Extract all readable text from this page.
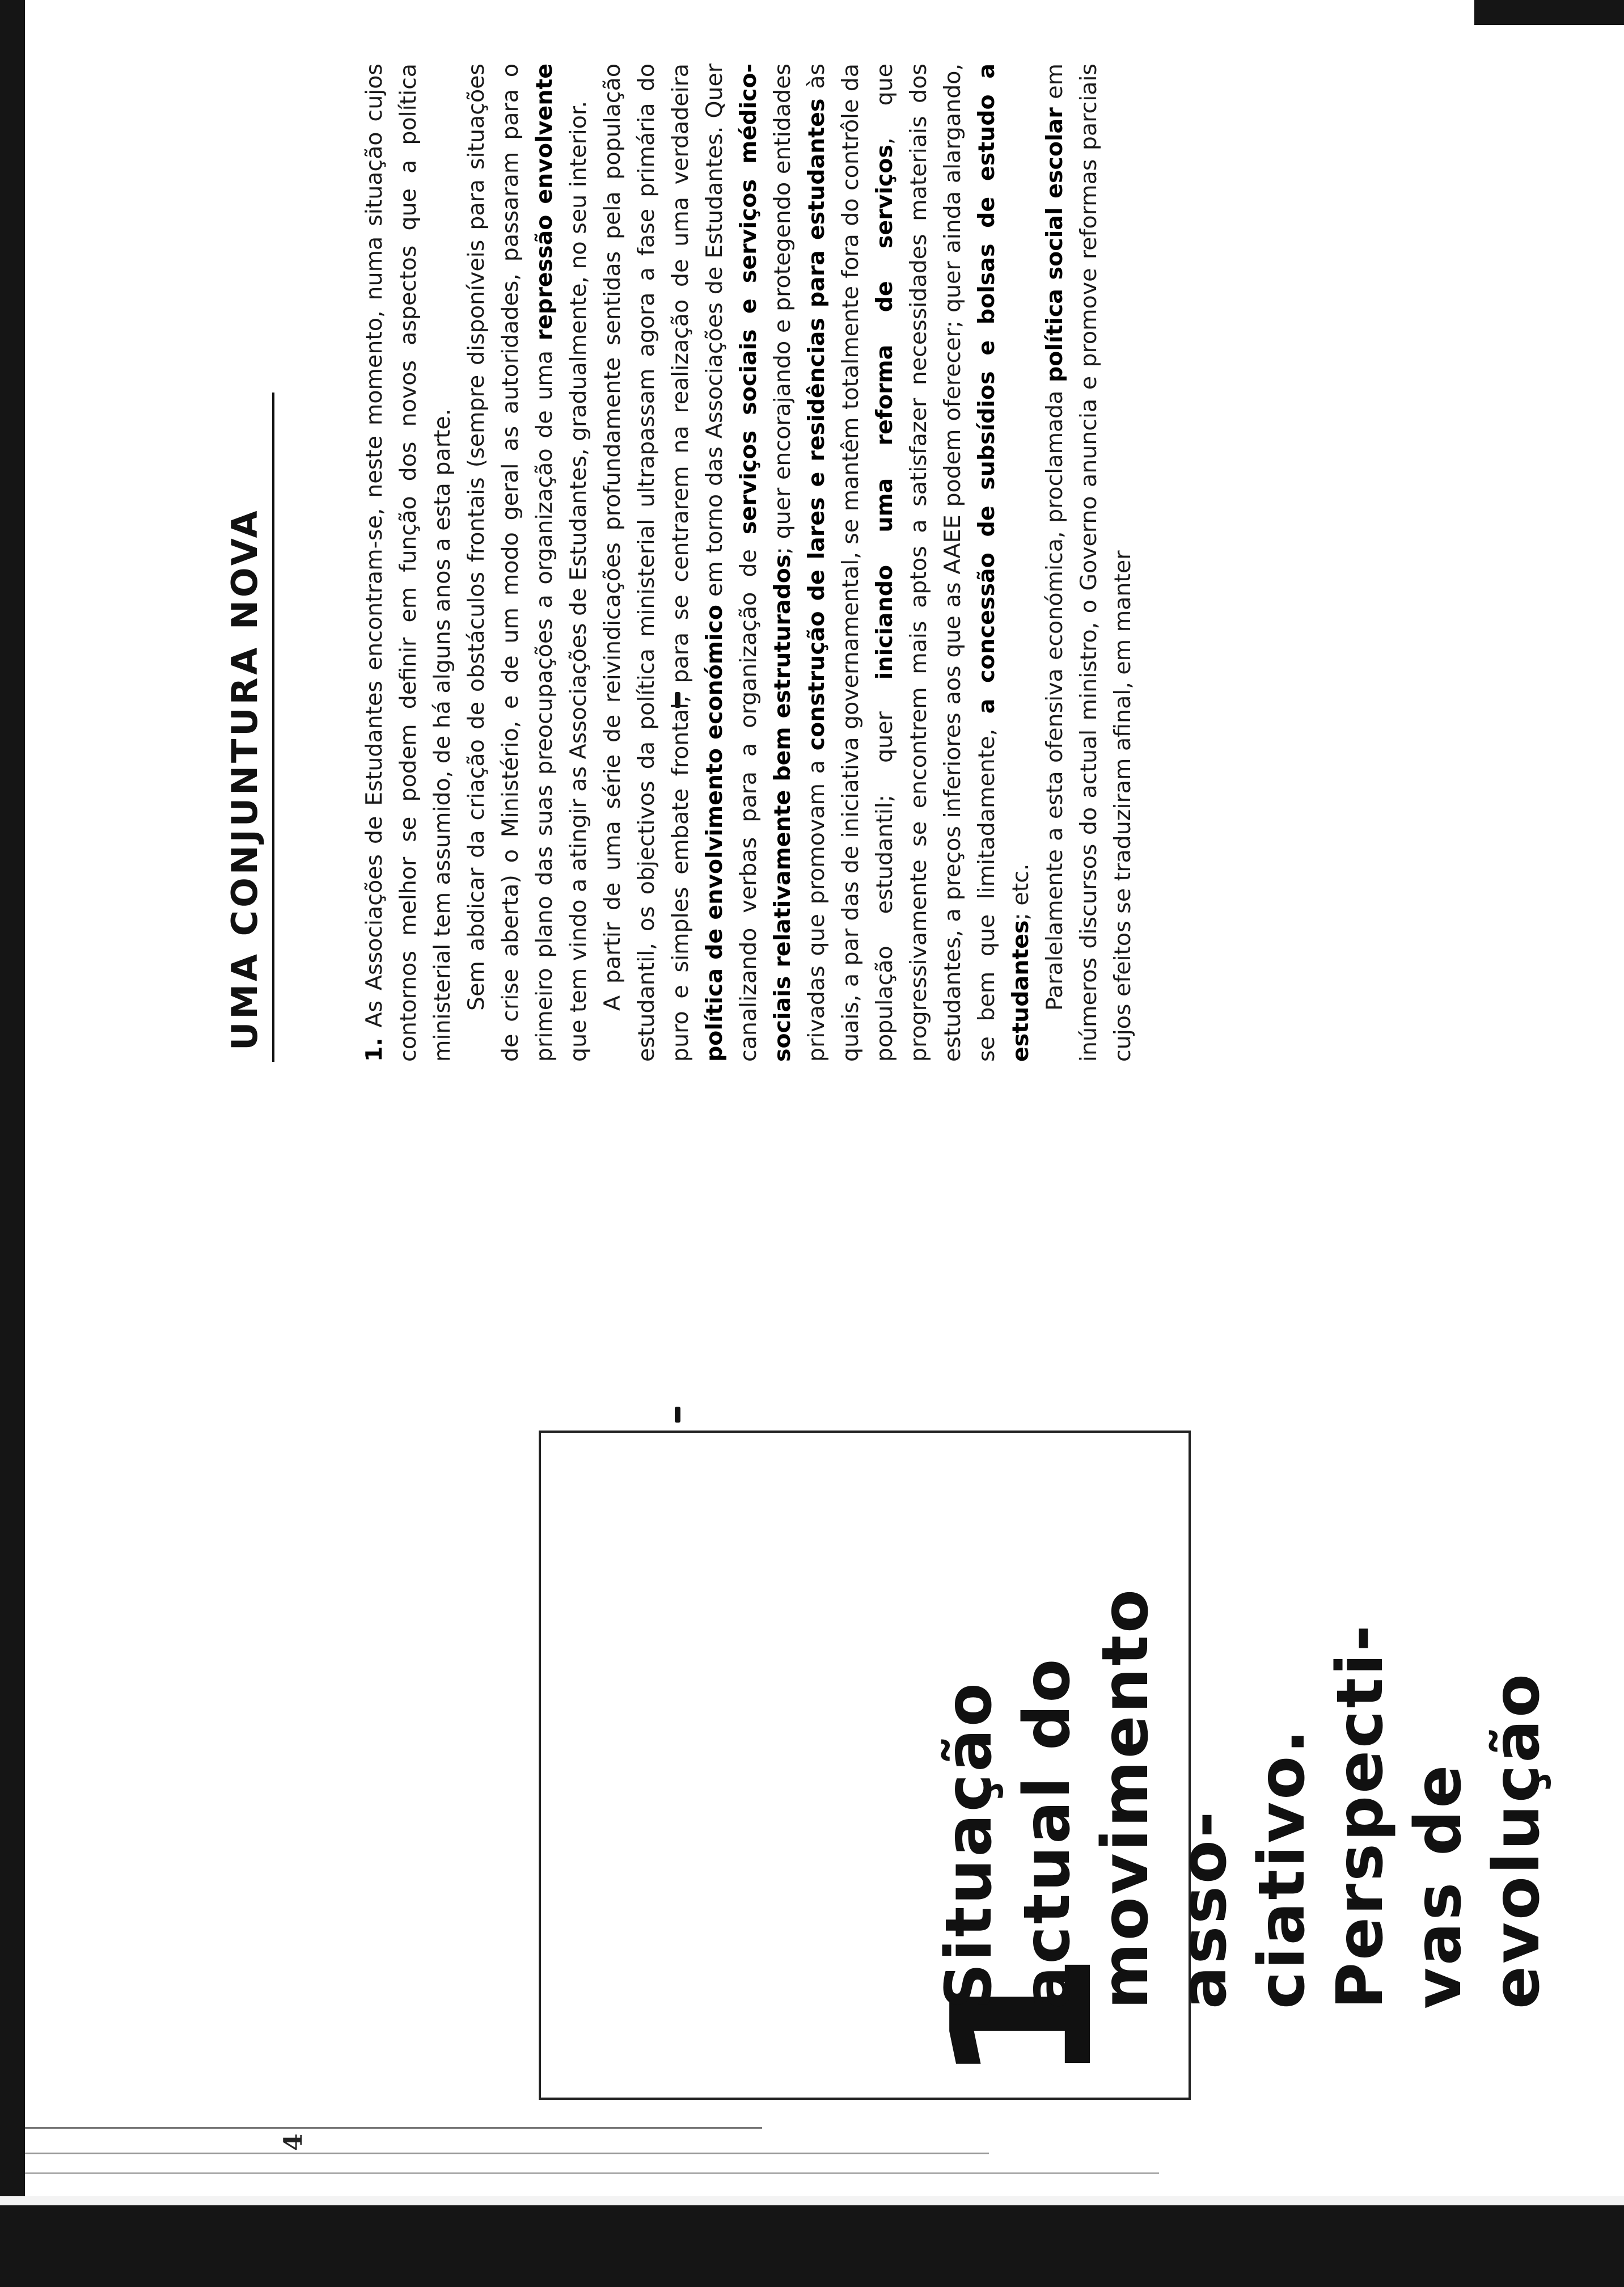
4
1
Situação actual do movimento asso- ciativo. Perspecti- vas de evolução
UMA CONJUNTURA NOVA	1. As Associações de Estudantes encontram-se, neste momento, numa situação cujos contornos melhor se podem definir em função dos novos aspectos que a política ministerial tem assumido, de há alguns anos a esta parte. Sem abdicar da criação de obstáculos frontais (sempre disponíveis para situações de crise aberta) o Ministério, e de um modo geral as autoridades, passaram para o primeiro plano das suas preocupações a organização de uma repressão envolvente que tem vindo a atingir as Associações de Estudantes, gradualmente, no seu interior. A partir de uma série de reivindicações profundamente sentidas pela população estudantil, os objectivos da política ministerial ultrapassam agora a fase primária do puro e simples embate frontal, para se centrarem na realização de uma verdadeira política de envolvimento económico em torno das Associações de Estudantes. Quer canalizando verbas para a organização de serviços sociais e serviços médico-sociais relativamente bem estruturados; quer encorajando e protegendo entidades privadas que promovam a construção de lares e residências para estudantes às quais, a par das de iniciativa governamental, se mantêm totalmente fora do contrôle da população estudantil; quer iniciando uma reforma de serviços, que progressivamente se encontrem mais aptos a satisfazer necessidades materiais dos estudantes, a preços inferiores aos que as AAEE podem oferecer; quer ainda alargando, se bem que limitadamente, a concessão de subsídios e bolsas de estudo a estudantes; etc. Paralelamente a esta ofensiva económica, proclamada política social escolar em inúmeros discursos do actual ministro, o Governo anuncia e promove reformas parciais cujos efeitos se traduziram afinal, em manter
